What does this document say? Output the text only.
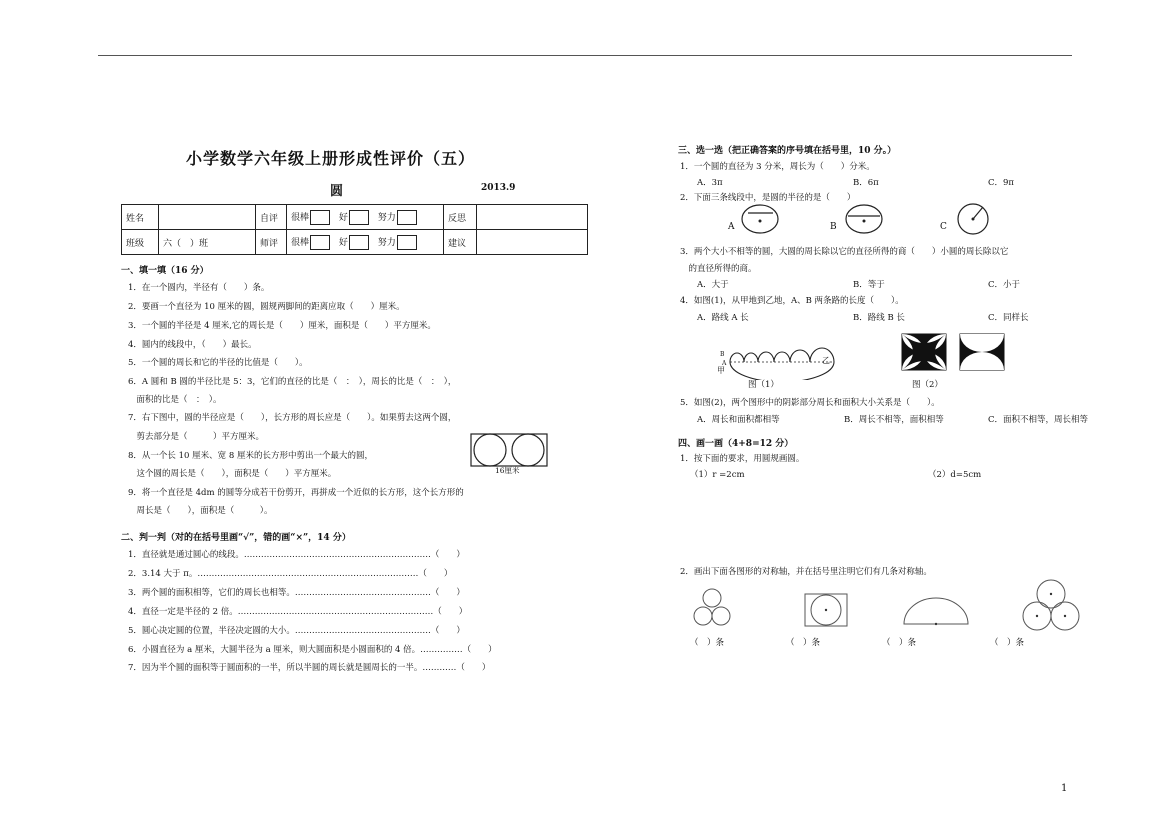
小学数学六年级上册形成性评价（五）
圆	2013.9
姓名		自评	很棒 好 努力	反思	
班级	六（　）班	师评	很棒 好 努力	建议	
一、填一填（16 分）
1．在一个圆内，半径有（　　）条。
2．要画一个直径为 10 厘米的圆，圆规两脚间的距离应取（　　）厘米。
3．一个圆的半径是 4 厘米,它的周长是（　　）厘米，面积是（　　）平方厘米。
4．圆内的线段中，（　　）最长。
5．一个圆的周长和它的半径的比值是（　　）。
6．A 圆和 B 圆的半径比是 5：3，它们的直径的比是（　：　），周长的比是（　：　），
　面积的比是（　：　）。
7．右下图中，圆的半径应是（　　），长方形的周长应是（　　）。如果剪去这两个圆，
　剪去部分是（　　　）平方厘米。
8．从一个长 10 厘米、宽 8 厘米的长方形中剪出一个最大的圆，
　这个圆的周长是（　　），面积是（　　）平方厘米。
9．将一个直径是 4dm 的圆等分成若干份剪开，再拼成一个近似的长方形，这个长方形的
　周长是（　　），面积是（　　　）。
16厘米
二、判一判（对的在括号里画“√”，错的画“×”，14 分）
1．直径就是通过圆心的线段。…………………………………………………………（　　）
2．3.14 大于 π。……………………………………………………………………（　　）
3．两个圆的面积相等，它们的周长也相等。…………………………………………（　　）
4．直径一定是半径的 2 倍。……………………………………………………………（　　）
5．圆心决定圆的位置，半径决定圆的大小。…………………………………………（　　）
6．小圆直径为 a 厘米，大圆半径为 a 厘米，则大圆面积是小圆面积的 4 倍。……………（　　）
7．因为半个圆的面积等于圆面积的一半，所以半圆的周长就是圆周长的一半。…………（　　）
三、选一选（把正确答案的序号填在括号里，10 分。）
1．一个圆的直径为 3 分米，周长为（　　）分米。
A．3π	B．6π	C．9π
2．下面三条线段中，是圆的半径的是（　　）
A	B	C
3．两个大小不相等的圆，大圆的周长除以它的直径所得的商（　　）小圆的周长除以它
　的直径所得的商。
A．大于	B．等于	C．小于
4．如图(1)，从甲地到乙地，A、B 两条路的长度（　　）。
A．路线 A 长	B．路线 B 长	C．同样长
B
A
甲
乙
图（1）	图（2）
5．如图(2)，两个图形中的阴影部分周长和面积大小关系是（　　）。
A．周长和面积都相等	B．周长不相等，面积相等	C．面积不相等，周长相等
四、画一画（4+8=12 分）
1．按下面的要求，用圆规画圆。
（1）r =2cm	（2）d=5cm
2．画出下面各图形的对称轴，并在括号里注明它们有几条对称轴。
（　）条	（　）条	（　）条	（　）条
1
